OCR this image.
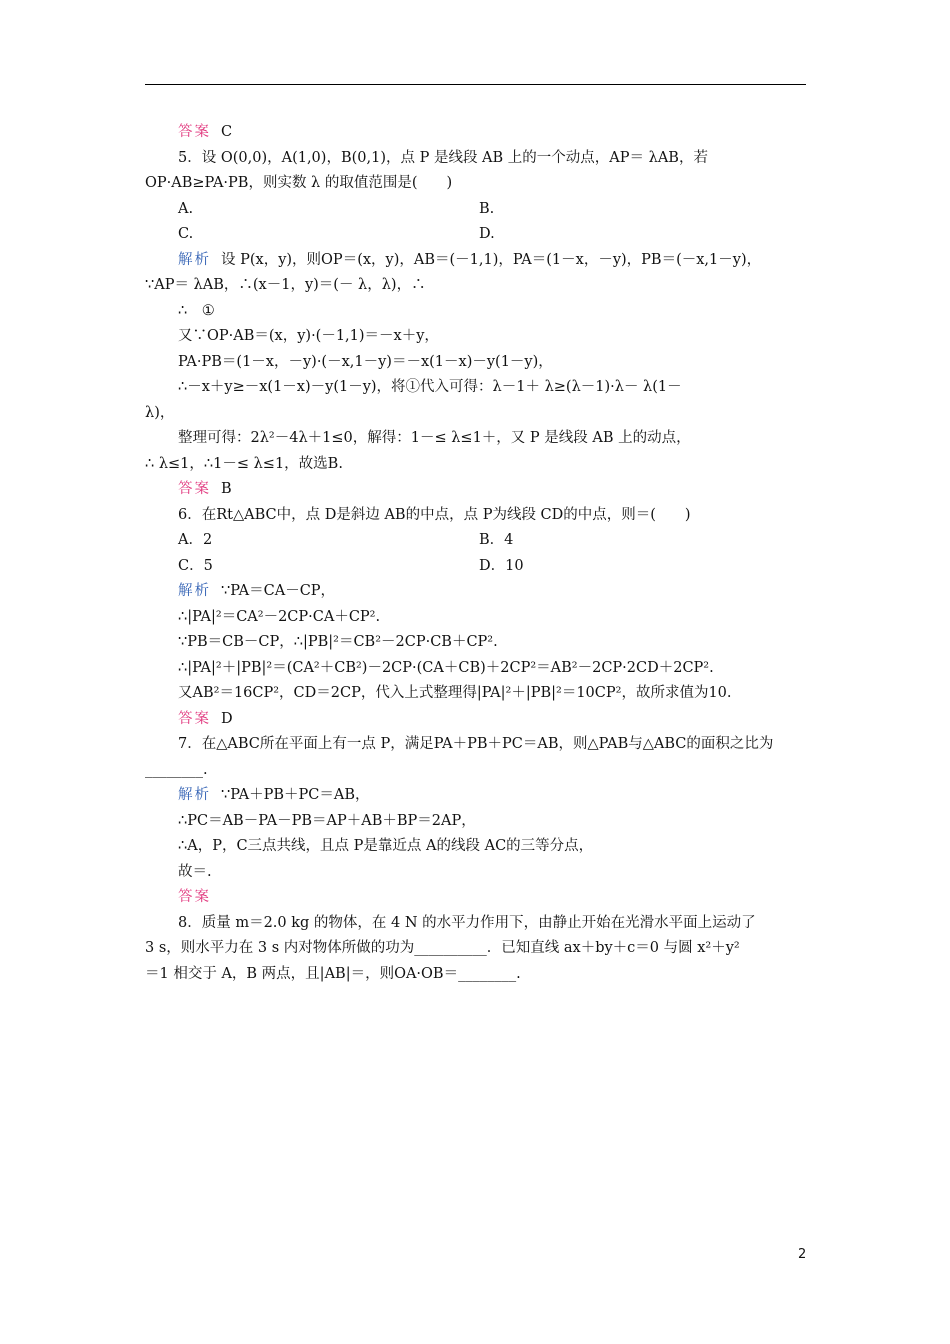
答案 C
5．设 O(0,0)，A(1,0)，B(0,1)，点 P 是线段 AB 上的一个动点，AP＝ λAB，若
OP·AB≥PA·PB，则实数 λ 的取值范围是(　　)
A.	B.
C.	D.
解析 设 P(x，y)，则OP＝(x，y)，AB＝(－1,1)，PA＝(1－x，－y)，PB＝(－x,1－y)，
∵AP＝ λAB，∴(x－1，y)＝(－ λ，λ)，∴
∴　①
又∵OP·AB＝(x，y)·(－1,1)＝－x＋y，
PA·PB＝(1－x，－y)·(－x,1－y)＝－x(1－x)－y(1－y)，
∴－x＋y≥－x(1－x)－y(1－y)，将①代入可得：λ－1＋ λ≥(λ－1)·λ－ λ(1－
λ)，
整理可得：2λ²－4λ＋1≤0，解得：1－≤ λ≤1＋，又 P 是线段 AB 上的动点，
∴ λ≤1，∴1－≤ λ≤1，故选B.
答案 B
6．在Rt△ABC中，点 D是斜边 AB的中点，点 P为线段 CD的中点，则＝(　　)
A．2	B．4
C．5	D．10
解析 ∵PA＝CA－CP，
∴|PA|²＝CA²－2CP·CA＋CP².
∵PB＝CB－CP，∴|PB|²＝CB²－2CP·CB＋CP².
∴|PA|²＋|PB|²＝(CA²＋CB²)－2CP·(CA＋CB)＋2CP²＝AB²－2CP·2CD＋2CP².
又AB²＝16CP²，CD＝2CP，代入上式整理得|PA|²＋|PB|²＝10CP²，故所求值为10.
答案 D
7．在△ABC所在平面上有一点 P，满足PA＋PB＋PC＝AB，则△PAB与△ABC的面积之比为
________.
解析 ∵PA＋PB＋PC＝AB，
∴PC＝AB－PA－PB＝AP＋AB＋BP＝2AP，
∴A，P，C三点共线，且点 P是靠近点 A的线段 AC的三等分点，
故＝.
答案
8．质量 m＝2.0 kg 的物体，在 4 N 的水平力作用下，由静止开始在光滑水平面上运动了
3 s，则水平力在 3 s 内对物体所做的功为__________．已知直线 ax＋by＋c＝0 与圆 x²＋y²
＝1 相交于 A，B 两点，且|AB|＝，则OA·OB＝________.
2
